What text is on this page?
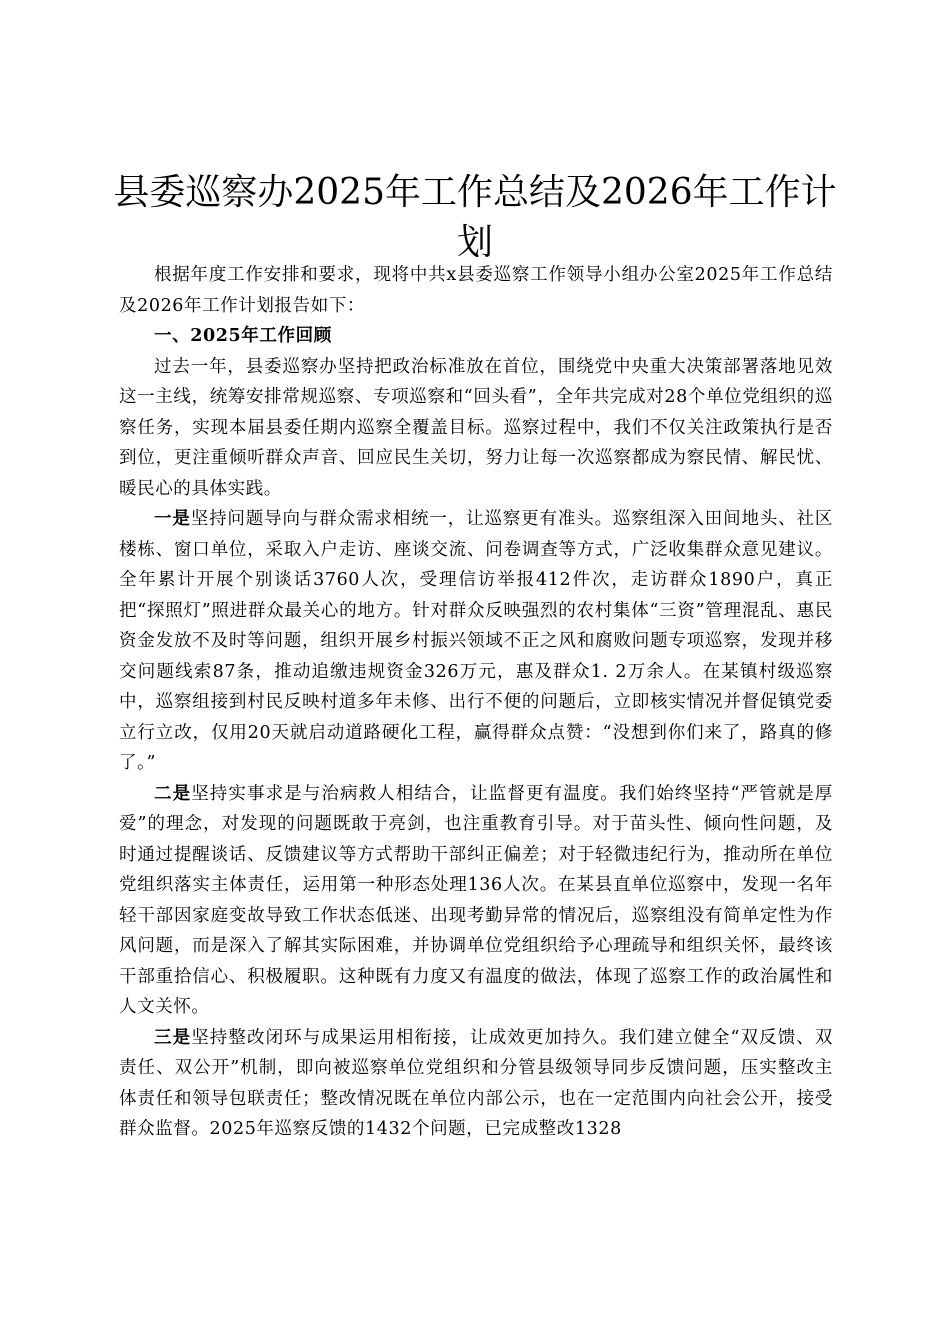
县委巡察办2025年工作总结及2026年工作计划

根据年度工作安排和要求，现将中共x县委巡察工作领导小组办公室2025年工作总结及2026年工作计划报告如下：

一、2025年工作回顾

过去一年，县委巡察办坚持把政治标准放在首位，围绕党中央重大决策部署落地见效这一主线，统筹安排常规巡察、专项巡察和“回头看”，全年共完成对28个单位党组织的巡察任务，实现本届县委任期内巡察全覆盖目标。巡察过程中，我们不仅关注政策执行是否到位，更注重倾听群众声音、回应民生关切，努力让每一次巡察都成为察民情、解民忧、暖民心的具体实践。

一是坚持问题导向与群众需求相统一，让巡察更有准头。巡察组深入田间地头、社区楼栋、窗口单位，采取入户走访、座谈交流、问卷调查等方式，广泛收集群众意见建议。全年累计开展个别谈话3760人次，受理信访举报412件次，走访群众1890户，真正把“探照灯”照进群众最关心的地方。针对群众反映强烈的农村集体“三资”管理混乱、惠民资金发放不及时等问题，组织开展乡村振兴领域不正之风和腐败问题专项巡察，发现并移交问题线索87条，推动追缴违规资金326万元，惠及群众1. 2万余人。在某镇村级巡察中，巡察组接到村民反映村道多年未修、出行不便的问题后，立即核实情况并督促镇党委立行立改，仅用20天就启动道路硬化工程，赢得群众点赞：“没想到你们来了，路真的修了。”

二是坚持实事求是与治病救人相结合，让监督更有温度。我们始终坚持“严管就是厚爱”的理念，对发现的问题既敢于亮剑，也注重教育引导。对于苗头性、倾向性问题，及时通过提醒谈话、反馈建议等方式帮助干部纠正偏差；对于轻微违纪行为，推动所在单位党组织落实主体责任，运用第一种形态处理136人次。在某县直单位巡察中，发现一名年轻干部因家庭变故导致工作状态低迷、出现考勤异常的情况后，巡察组没有简单定性为作风问题，而是深入了解其实际困难，并协调单位党组织给予心理疏导和组织关怀，最终该干部重拾信心、积极履职。这种既有力度又有温度的做法，体现了巡察工作的政治属性和人文关怀。

三是坚持整改闭环与成果运用相衔接，让成效更加持久。我们建立健全“双反馈、双责任、双公开”机制，即向被巡察单位党组织和分管县级领导同步反馈问题，压实整改主体责任和领导包联责任；整改情况既在单位内部公示，也在一定范围内向社会公开，接受群众监督。2025年巡察反馈的1432个问题，已完成整改1328
